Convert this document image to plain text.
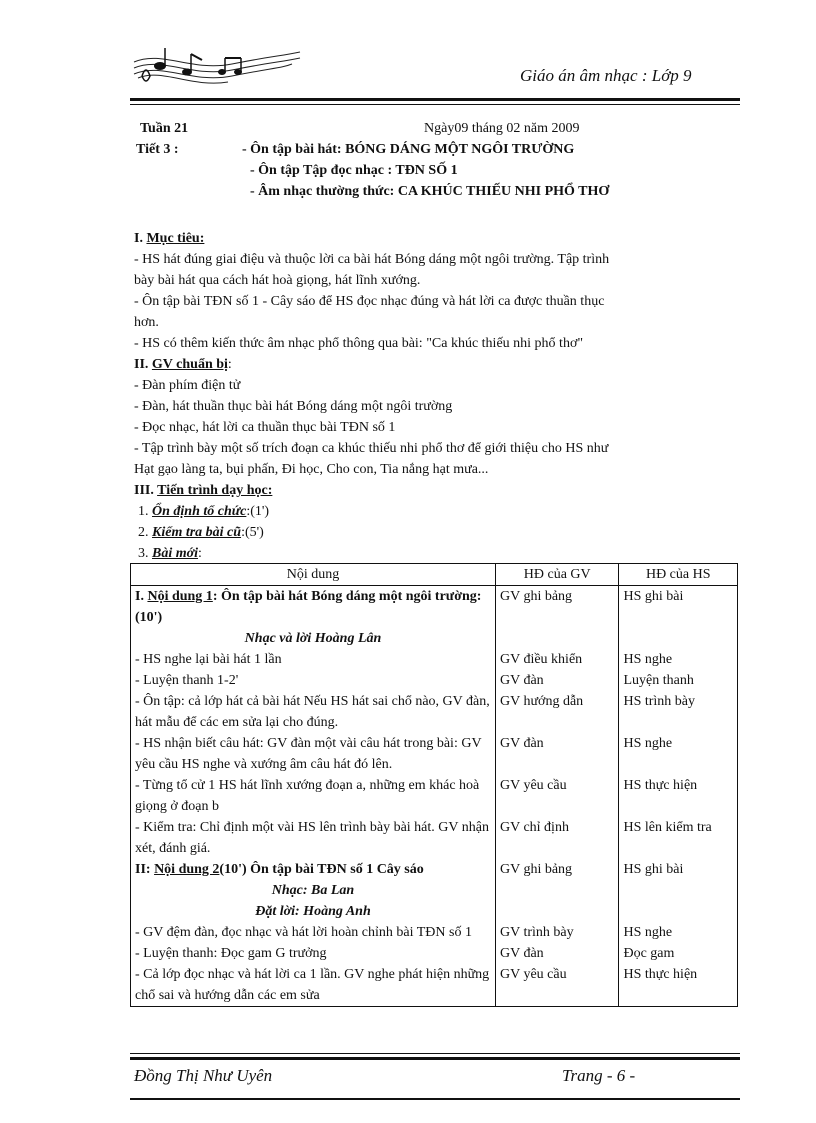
Giáo án âm nhạc : Lớp 9
Tuần 21	Ngày09 tháng 02 năm 2009
Tiết 3 :	- Ôn tập bài hát: BÓNG DÁNG MỘT NGÔI TRƯỜNG
- Ôn tập Tập đọc nhạc : TĐN SỐ 1
- Âm nhạc thường thức: CA KHÚC THIẾU NHI PHỔ THƠ
I. Mục tiêu:
- HS hát đúng giai điệu và thuộc lời ca bài hát Bóng dáng một ngôi trường. Tập trình
bày bài hát qua cách hát hoà giọng, hát lĩnh xướng.
- Ôn tập bài TĐN số 1 - Cây sáo để HS đọc nhạc đúng và hát lời ca được thuần thục
hơn.
- HS có thêm kiến thức âm nhạc phổ thông qua bài: "Ca khúc thiếu nhi phổ thơ"
II. GV chuẩn bị:
- Đàn phím điện tử
- Đàn, hát thuần thục bài hát Bóng dáng một ngôi trường
- Đọc nhạc, hát lời ca thuần thục bài TĐN số 1
- Tập trình bày một số trích đoạn ca khúc thiếu nhi phổ thơ để giới thiệu cho HS như
Hạt gạo làng ta, bụi phấn, Đi học, Cho con, Tia nắng hạt mưa...
III. Tiến trình dạy học:
1. Ổn định tổ chức:(1')
2. Kiểm tra bài cũ:(5')
3. Bài mới:
Nội dung	HĐ của GV	HĐ của HS
I. Nội dung 1: Ôn tập bài hát Bóng dáng một ngôi trường: (10')	GV ghi bảng	HS ghi bài
Nhạc và lời Hoàng Lân		
- HS nghe lại bài hát 1 lần	GV điều khiển	HS nghe
- Luyện thanh 1-2'	GV đàn	Luyện thanh
- Ôn tập: cả lớp hát cả bài hát Nếu HS hát sai chổ nào, GV đàn, hát mẫu để các em sửa lại cho đúng.	GV hướng dẫn	HS trình bày
- HS nhận biết câu hát: GV đàn một vài câu hát trong bài: GV yêu cầu HS nghe và xướng âm câu hát đó lên.	GV đàn	HS nghe
- Từng tổ cử 1 HS hát lĩnh xướng đoạn a, những em khác hoà giọng ở đoạn b	GV yêu cầu	HS thực hiện
- Kiểm tra: Chỉ định một vài HS lên trình bày bài hát. GV nhận xét, đánh giá.	GV chỉ định	HS lên kiểm tra
II: Nội dung 2(10') Ôn tập bài TĐN số 1 Cây sáo	GV ghi bảng	HS ghi bài
Nhạc: Ba Lan		
Đặt lời: Hoàng Anh		
- GV đệm đàn, đọc nhạc và hát lời hoàn chỉnh bài TĐN số 1	GV trình bày	HS nghe
- Luyện thanh: Đọc gam G trưởng	GV đàn	Đọc gam
- Cả lớp đọc nhạc và hát lời ca 1 lần. GV nghe phát hiện những chổ sai và hướng dẫn các em sửa	GV yêu cầu	HS thực hiện
Đồng Thị Như Uyên	Trang - 6 -
